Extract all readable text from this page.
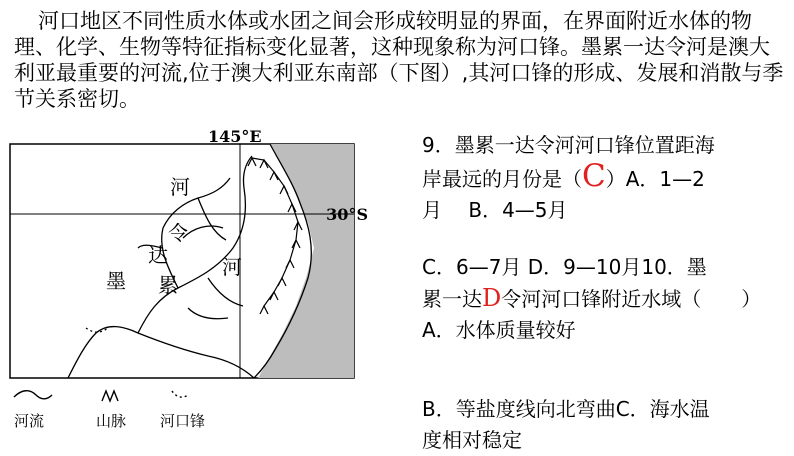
河口地区不同性质水体或水团之间会形成较明显的界面，在界面附近水体的物理、化学、生物等特征指标变化显著，这种现象称为河口锋。墨累一达令河是澳大利亚最重要的河流,位于澳大利亚东南部（下图）,其河口锋的形成、发展和消散与季节关系密切。

145°E
30°S
河
令
达
墨 累
河
河流	山脉 河口锋
9．墨累一达令河河口锋位置距海
岸最远的月份是（C）A．1—2
月　 B．4—5月
C．6—7月 D．9—10月10．墨
累一达D令河河口锋附近水域（　　）
A．水体质量较好
B．等盐度线向北弯曲C．海水温
度相对稳定
